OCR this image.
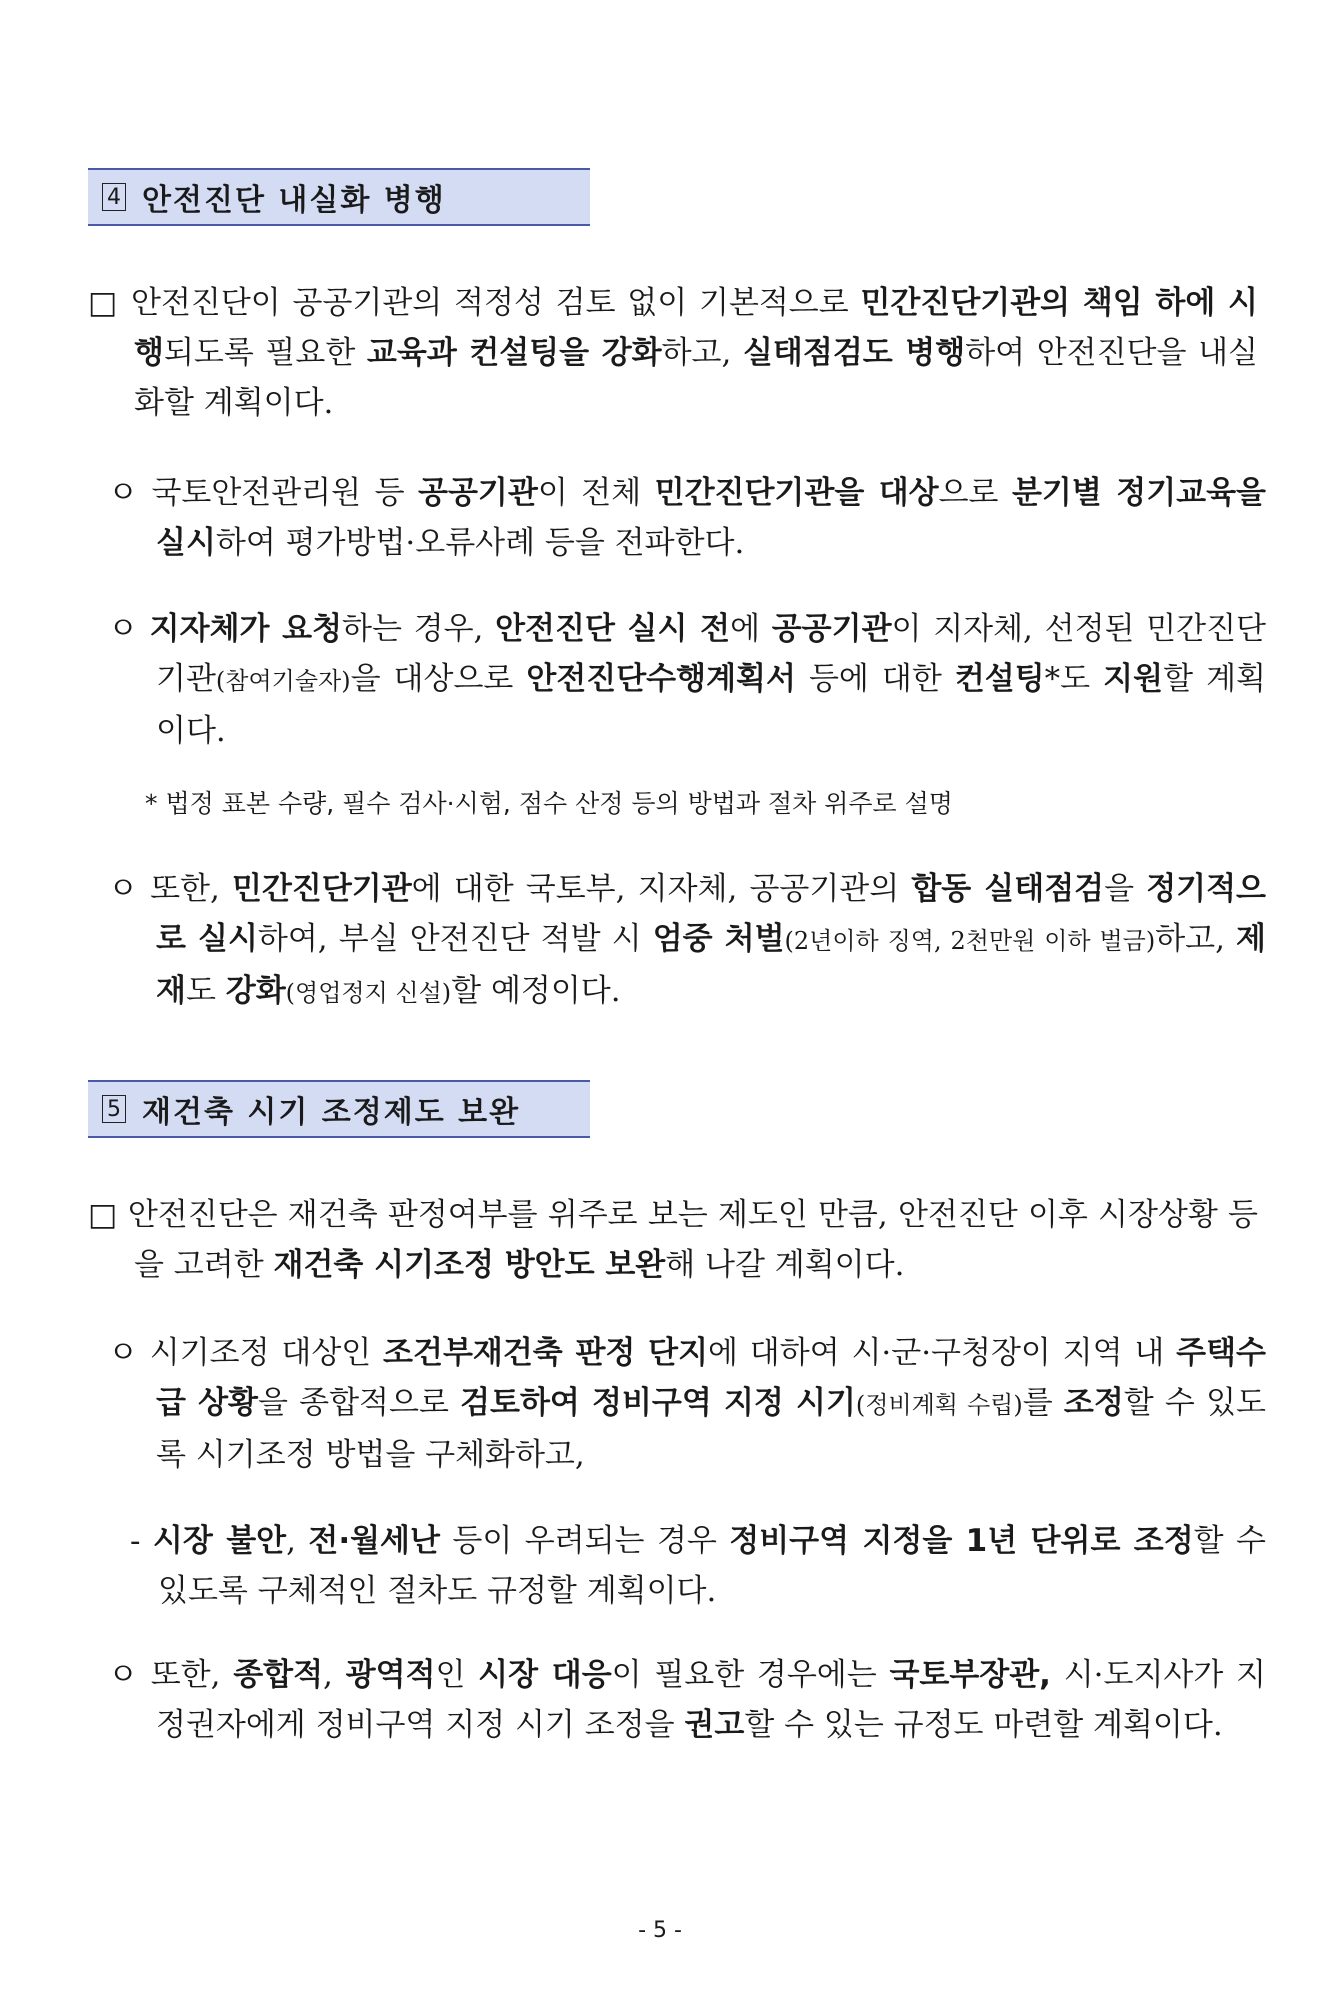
4 안전진단 내실화 병행
□ 안전진단이 공공기관의 적정성 검토 없이 기본적으로 민간진단기관의 책임 하에 시행되도록 필요한 교육과 컨설팅을 강화하고, 실태점검도 병행하여 안전진단을 내실화할 계획이다.
ㅇ 국토안전관리원 등 공공기관이 전체 민간진단기관을 대상으로 분기별 정기교육을 실시하여 평가방법·오류사례 등을 전파한다.
ㅇ 지자체가 요청하는 경우, 안전진단 실시 전에 공공기관이 지자체, 선정된 민간진단기관(참여기술자)을 대상으로 안전진단수행계획서 등에 대한 컨설팅*도 지원할 계획이다.
* 법정 표본 수량, 필수 검사·시험, 점수 산정 등의 방법과 절차 위주로 설명
ㅇ 또한, 민간진단기관에 대한 국토부, 지자체, 공공기관의 합동 실태점검을 정기적으로 실시하여, 부실 안전진단 적발 시 엄중 처벌(2년이하 징역, 2천만원 이하 벌금)하고, 제재도 강화(영업정지 신설)할 예정이다.
5 재건축 시기 조정제도 보완
□ 안전진단은 재건축 판정여부를 위주로 보는 제도인 만큼, 안전진단 이후 시장상황 등을 고려한 재건축 시기조정 방안도 보완해 나갈 계획이다.
ㅇ 시기조정 대상인 조건부재건축 판정 단지에 대하여 시·군·구청장이 지역 내 주택수급 상황을 종합적으로 검토하여 정비구역 지정 시기(정비계획 수립)를 조정할 수 있도록 시기조정 방법을 구체화하고,
- 시장 불안, 전·월세난 등이 우려되는 경우 정비구역 지정을 1년 단위로 조정할 수 있도록 구체적인 절차도 규정할 계획이다.
ㅇ 또한, 종합적, 광역적인 시장 대응이 필요한 경우에는 국토부장관, 시·도지사가 지정권자에게 정비구역 지정 시기 조정을 권고할 수 있는 규정도 마련할 계획이다.
- 5 -
